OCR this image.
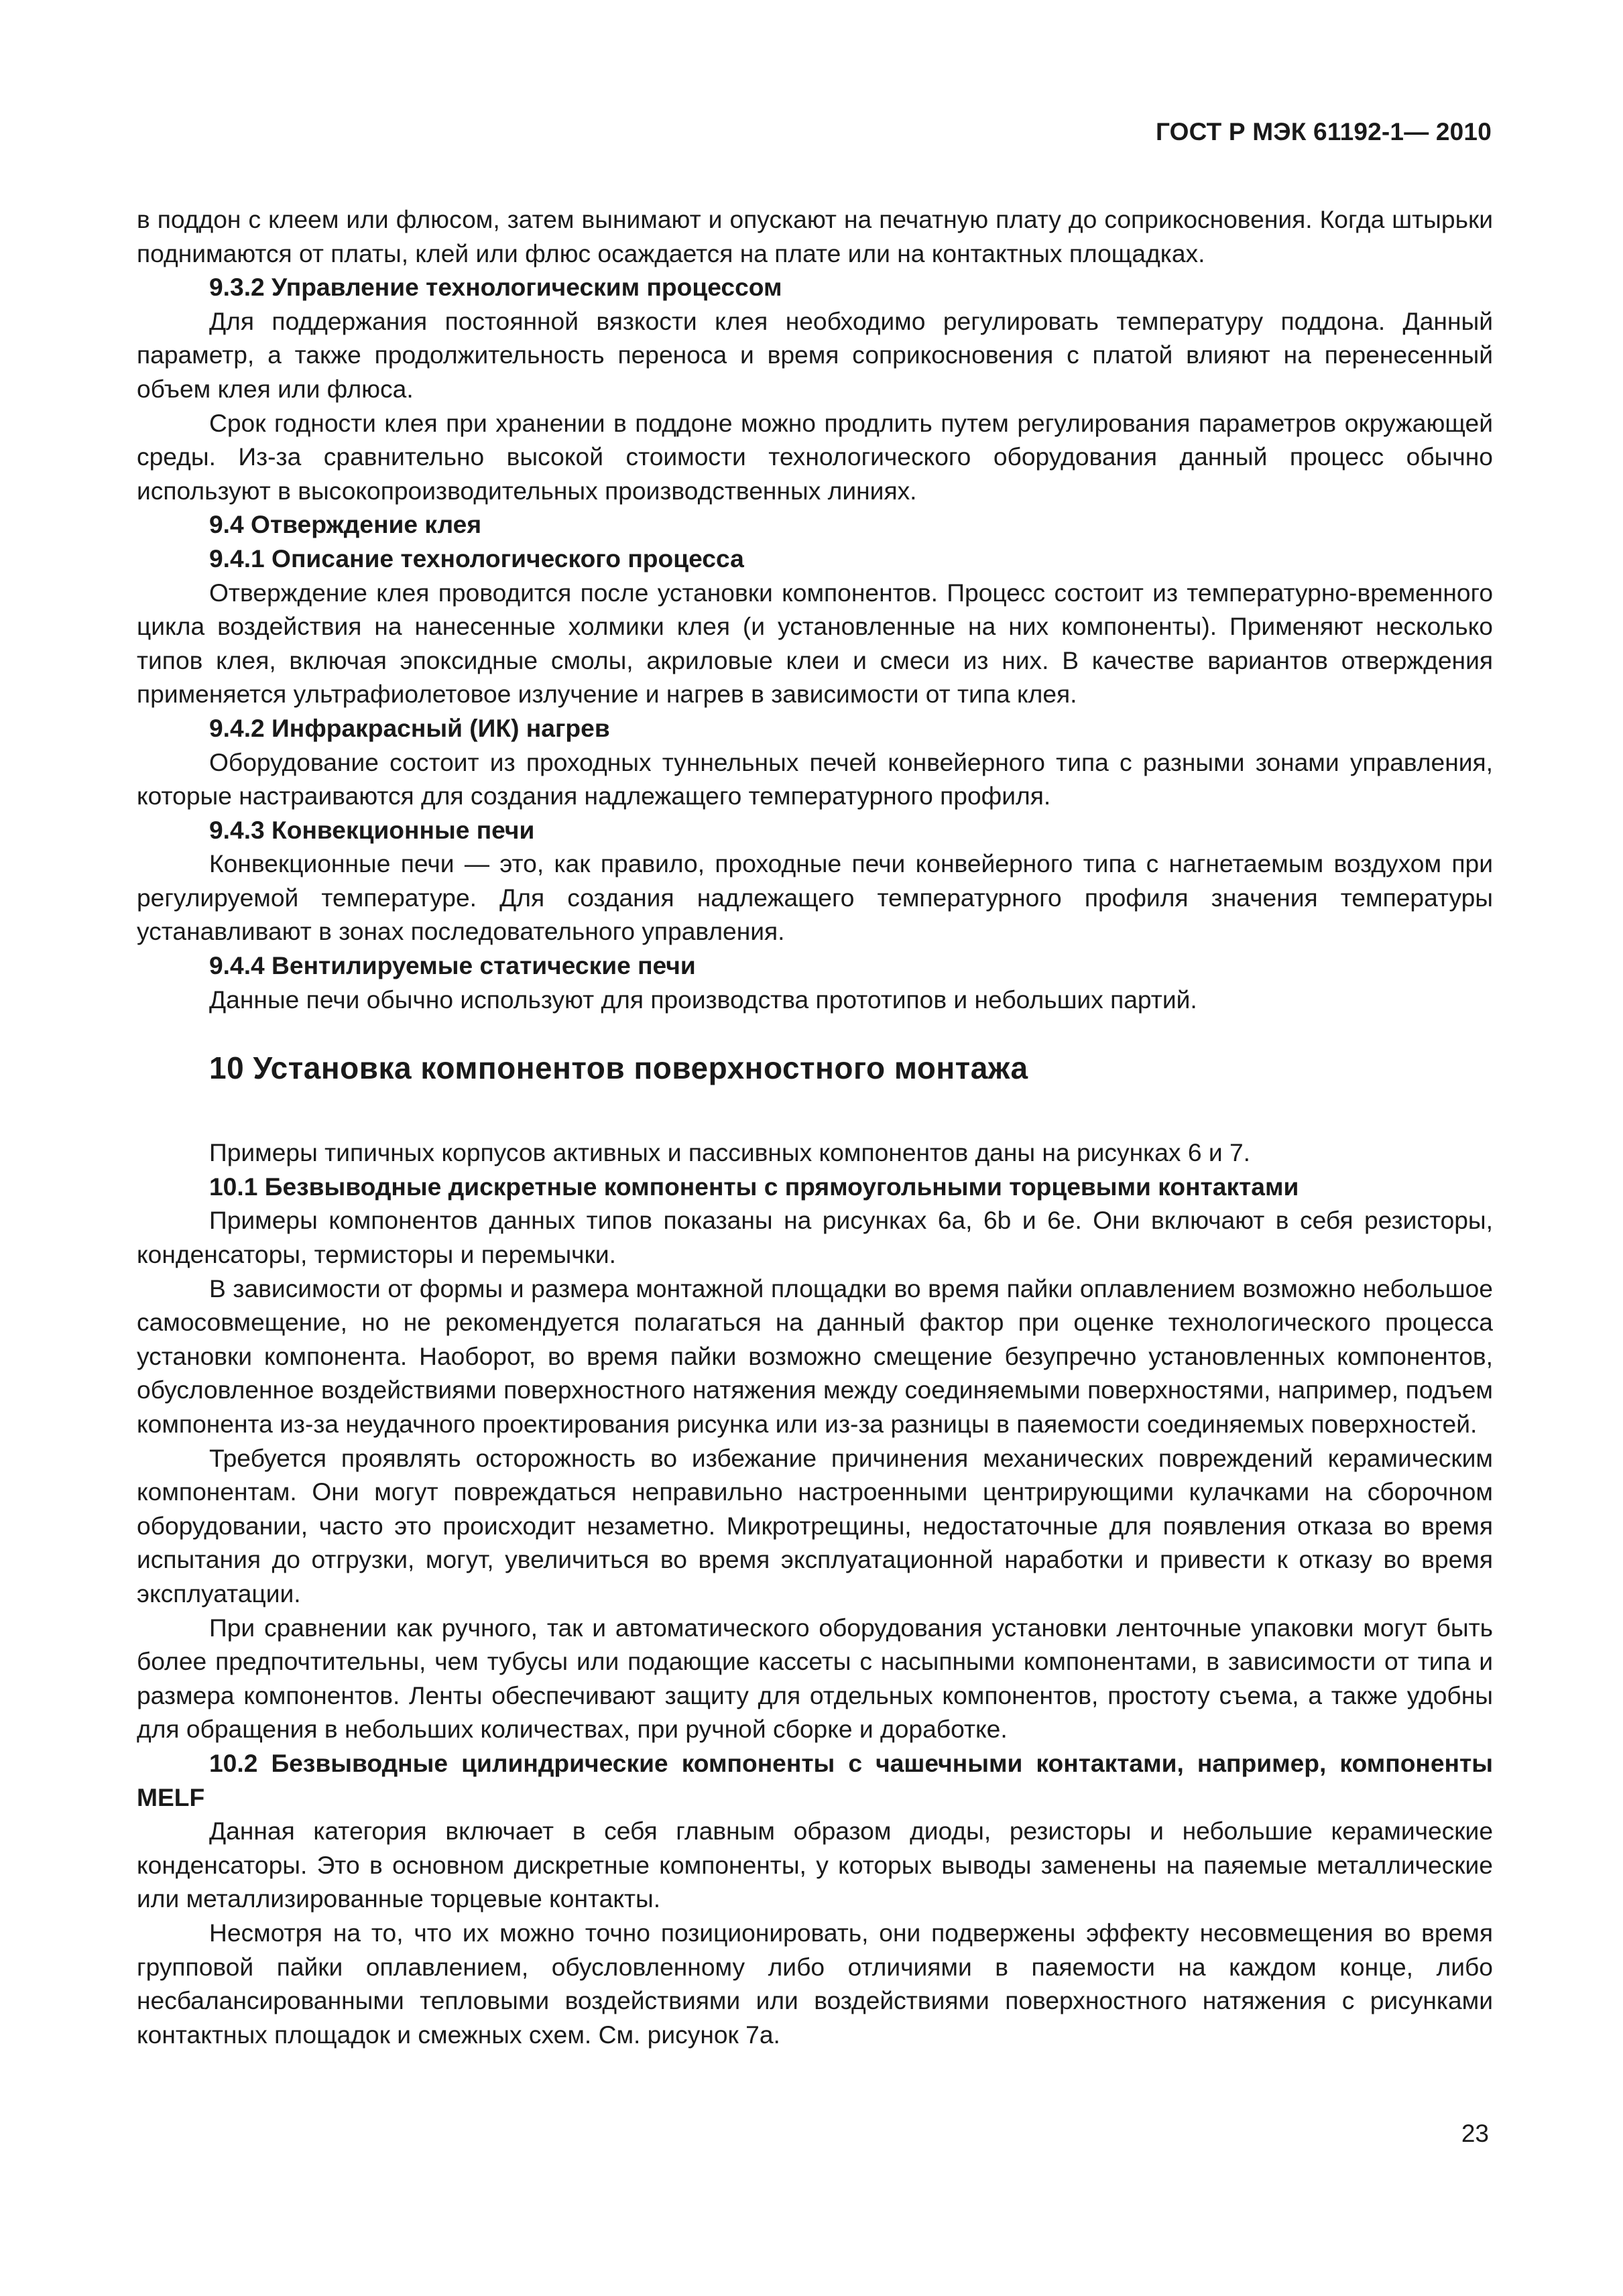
ГОСТ Р МЭК 61192-1— 2010

в поддон с клеем или флюсом, затем вынимают и опускают на печатную плату до соприкосновения. Когда штырьки поднимаются от платы, клей или флюс осаждается на плате или на контактных площадках.

9.3.2 Управление технологическим процессом

Для поддержания постоянной вязкости клея необходимо регулировать температуру поддона. Данный параметр, а также продолжительность переноса и время соприкосновения с платой влияют на перенесенный объем клея или флюса.

Срок годности клея при хранении в поддоне можно продлить путем регулирования параметров окружающей среды. Из-за сравнительно высокой стоимости технологического оборудования данный процесс обычно используют в высокопроизводительных производственных линиях.

9.4 Отверждение клея
9.4.1 Описание технологического процесса

Отверждение клея проводится после установки компонентов. Процесс состоит из температурно-временного цикла воздействия на нанесенные холмики клея (и установленные на них компоненты). Применяют несколько типов клея, включая эпоксидные смолы, акриловые клеи и смеси из них. В качестве вариантов отверждения применяется ультрафиолетовое излучение и нагрев в зависимости от типа клея.

9.4.2 Инфракрасный (ИК) нагрев

Оборудование состоит из проходных туннельных печей конвейерного типа с разными зонами управления, которые настраиваются для создания надлежащего температурного профиля.

9.4.3 Конвекционные печи

Конвекционные печи — это, как правило, проходные печи конвейерного типа с нагнетаемым воздухом при регулируемой температуре. Для создания надлежащего температурного профиля значения температуры устанавливают в зонах последовательного управления.

9.4.4 Вентилируемые статические печи

Данные печи обычно используют для производства прототипов и небольших партий.

10 Установка компонентов поверхностного монтажа

Примеры типичных корпусов активных и пассивных компонентов даны на рисунках 6 и 7.

10.1 Безвыводные дискретные компоненты с прямоугольными торцевыми контактами

Примеры компонентов данных типов показаны на рисунках 6a, 6b и 6e. Они включают в себя резисторы, конденсаторы, термисторы и перемычки.

В зависимости от формы и размера монтажной площадки во время пайки оплавлением возможно небольшое самосовмещение, но не рекомендуется полагаться на данный фактор при оценке технологического процесса установки компонента. Наоборот, во время пайки возможно смещение безупречно установленных компонентов, обусловленное воздействиями поверхностного натяжения между соединяемыми поверхностями, например, подъем компонента из-за неудачного проектирования рисунка или из-за разницы в паяемости соединяемых поверхностей.

Требуется проявлять осторожность во избежание причинения механических повреждений керамическим компонентам. Они могут повреждаться неправильно настроенными центрирующими кулачками на сборочном оборудовании, часто это происходит незаметно. Микротрещины, недостаточные для появления отказа во время испытания до отгрузки, могут, увеличиться во время эксплуатационной наработки и привести к отказу во время эксплуатации.

При сравнении как ручного, так и автоматического оборудования установки ленточные упаковки могут быть более предпочтительны, чем тубусы или подающие кассеты с насыпными компонентами, в зависимости от типа и размера компонентов. Ленты обеспечивают защиту для отдельных компонентов, простоту съема, а также удобны для обращения в небольших количествах, при ручной сборке и доработке.

10.2 Безвыводные цилиндрические компоненты с чашечными контактами, например, компоненты MELF

Данная категория включает в себя главным образом диоды, резисторы и небольшие керамические конденсаторы. Это в основном дискретные компоненты, у которых выводы заменены на паяемые металлические или металлизированные торцевые контакты.

Несмотря на то, что их можно точно позиционировать, они подвержены эффекту несовмещения во время групповой пайки оплавлением, обусловленному либо отличиями в паяемости на каждом конце, либо несбалансированными тепловыми воздействиями или воздействиями поверхностного натяжения с рисунками контактных площадок и смежных схем. См. рисунок 7а.

23
